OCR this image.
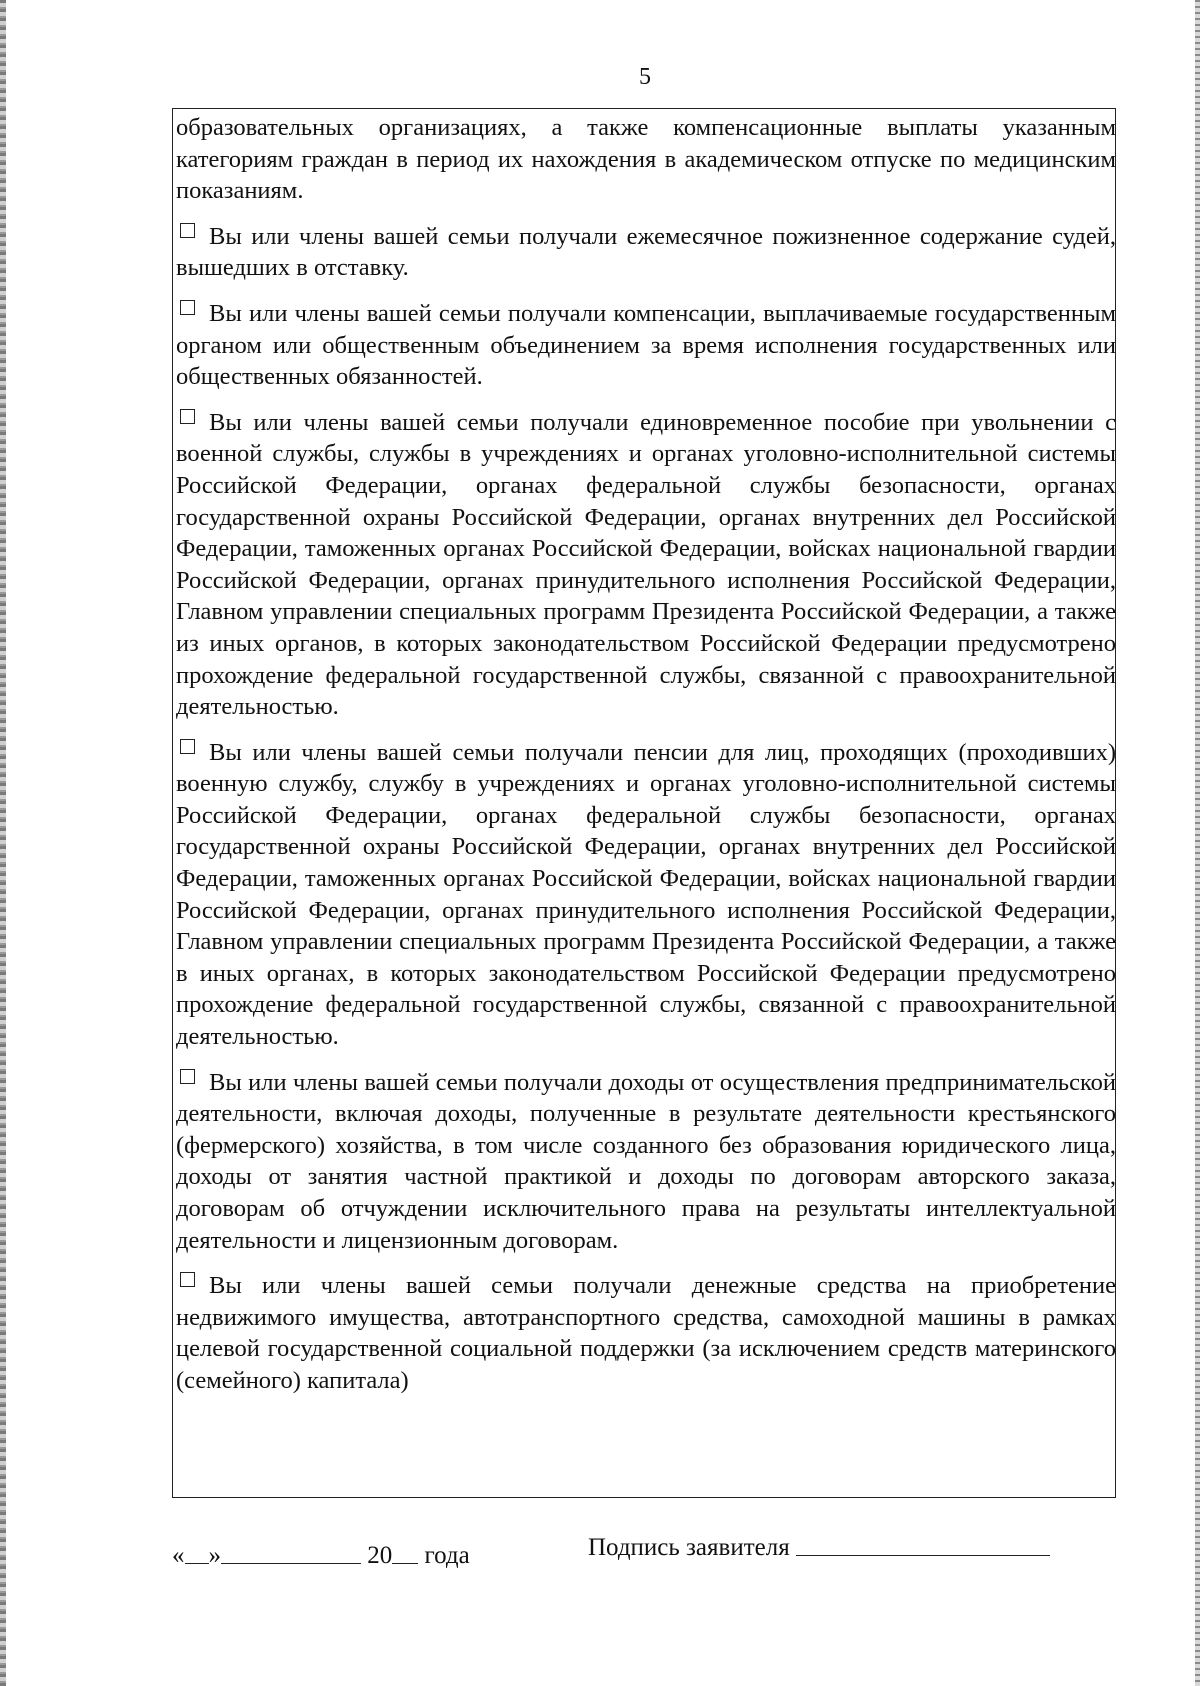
5

образовательных организациях, а также компенсационные выплаты указанным категориям граждан в период их нахождения в академическом отпуске по медицинским показаниям.

Вы или члены вашей семьи получали ежемесячное пожизненное содержание судей, вышедших в отставку.

Вы или члены вашей семьи получали компенсации, выплачиваемые государственным органом или общественным объединением за время исполнения государственных или общественных обязанностей.

Вы или члены вашей семьи получали единовременное пособие при увольнении с военной службы, службы в учреждениях и органах уголовно-исполнительной системы Российской Федерации, органах федеральной службы безопасности, органах государственной охраны Российской Федерации, органах внутренних дел Российской Федерации, таможенных органах Российской Федерации, войсках национальной гвардии Российской Федерации, органах принудительного исполнения Российской Федерации, Главном управлении специальных программ Президента Российской Федерации, а также из иных органов, в которых законодательством Российской Федерации предусмотрено прохождение федеральной государственной службы, связанной с правоохранительной деятельностью.

Вы или члены вашей семьи получали пенсии для лиц, проходящих (проходивших) военную службу, службу в учреждениях и органах уголовно-исполнительной системы Российской Федерации, органах федеральной службы безопасности, органах государственной охраны Российской Федерации, органах внутренних дел Российской Федерации, таможенных органах Российской Федерации, войсках национальной гвардии Российской Федерации, органах принудительного исполнения Российской Федерации, Главном управлении специальных программ Президента Российской Федерации, а также в иных органах, в которых законодательством Российской Федерации предусмотрено прохождение федеральной государственной службы, связанной с правоохранительной деятельностью.

Вы или члены вашей семьи получали доходы от осуществления предпринимательской деятельности, включая доходы, полученные в результате деятельности крестьянского (фермерского) хозяйства, в том числе созданного без образования юридического лица, доходы от занятия частной практикой и доходы по договорам авторского заказа, договорам об отчуждении исключительного права на результаты интеллектуальной деятельности и лицензионным договорам.

Вы или члены вашей семьи получали денежные средства на приобретение недвижимого имущества, автотранспортного средства, самоходной машины в рамках целевой государственной социальной поддержки (за исключением средств материнского (семейного) капитала)

« »	20 года	Подпись заявителя
